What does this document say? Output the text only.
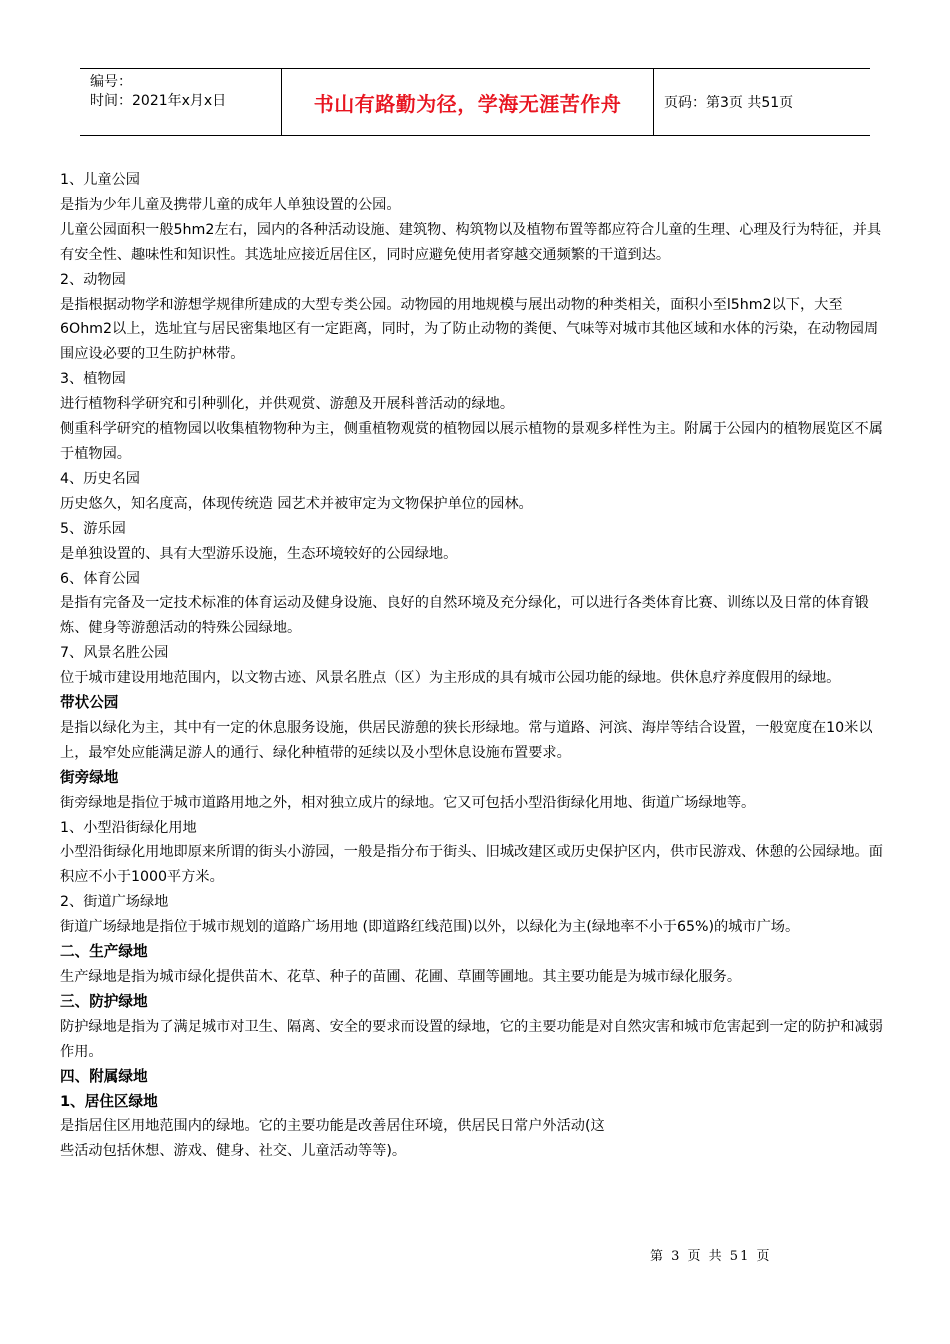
编号：
时间：2021年x月x日	书山有路勤为径，学海无涯苦作舟	页码：第3页 共51页

1、儿童公园

是指为少年儿童及携带儿童的成年人单独设置的公园。

儿童公园面积一般5hm2左右，园内的各种活动设施、建筑物、构筑物以及植物布置等都应符合儿童的生理、心理及行为特征，并具有安全性、趣味性和知识性。其选址应接近居住区，同时应避免使用者穿越交通频繁的干道到达。

2、动物园

是指根据动物学和游想学规律所建成的大型专类公园。动物园的用地规模与展出动物的种类相关，面积小至l5hm2以下，大至6Ohm2以上，选址宜与居民密集地区有一定距离，同时，为了防止动物的粪便、气味等对城市其他区域和水体的污染，在动物园周围应设必要的卫生防护林带。

3、植物园

进行植物科学研究和引种驯化，并供观赏、游憩及开展科普活动的绿地。

侧重科学研究的植物园以收集植物物种为主，侧重植物观赏的植物园以展示植物的景观多样性为主。附属于公园内的植物展览区不属于植物园。

4、历史名园

历史悠久，知名度高，体现传统造 园艺术并被审定为文物保护单位的园林。

5、游乐园

是单独设置的、具有大型游乐设施，生态环境较好的公园绿地。

6、体育公园

是指有完备及一定技术标准的体育运动及健身设施、良好的自然环境及充分绿化，可以进行各类体育比赛、训练以及日常的体育锻炼、健身等游憩活动的特殊公园绿地。

7、风景名胜公园

位于城市建设用地范围内，以文物古迹、风景名胜点（区）为主形成的具有城市公园功能的绿地。供休息疗养度假用的绿地。

带状公园

是指以绿化为主，其中有一定的休息服务设施，供居民游憩的狭长形绿地。常与道路、河滨、海岸等结合设置，一般宽度在10米以上，最窄处应能满足游人的通行、绿化种植带的延续以及小型休息设施布置要求。

街旁绿地

街旁绿地是指位于城市道路用地之外，相对独立成片的绿地。它又可包括小型沿街绿化用地、街道广场绿地等。

1、小型沿街绿化用地

小型沿街绿化用地即原来所谓的街头小游园，一般是指分布于街头、旧城改建区或历史保护区内，供市民游戏、休憩的公园绿地。面积应不小于1000平方米。

2、街道广场绿地

街道广场绿地是指位于城市规划的道路广场用地 (即道路红线范围)以外，以绿化为主(绿地率不小于65%)的城市广场。

二、生产绿地

生产绿地是指为城市绿化提供苗木、花草、种子的苗圃、花圃、草圃等圃地。其主要功能是为城市绿化服务。

三、防护绿地

防护绿地是指为了满足城市对卫生、隔离、安全的要求而设置的绿地，它的主要功能是对自然灾害和城市危害起到一定的防护和减弱作用。

四、附属绿地

1、居住区绿地

是指居住区用地范围内的绿地。它的主要功能是改善居住环境，供居民日常户外活动(这

些活动包括休想、游戏、健身、社交、儿童活动等等)。

第 3 页 共 51 页
